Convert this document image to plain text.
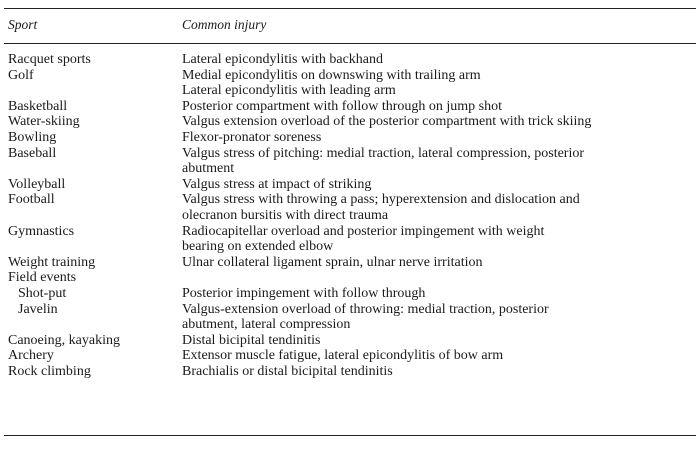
Sport	Common injury
Racquet sports	Lateral epicondylitis with backhand
Golf	Medial epicondylitis on downswing with trailing arm
Lateral epicondylitis with leading arm
Basketball	Posterior compartment with follow through on jump shot
Water-skiing	Valgus extension overload of the posterior compartment with trick skiing
Bowling	Flexor-pronator soreness
Baseball	Valgus stress of pitching: medial traction, lateral compression, posterior
abutment
Volleyball	Valgus stress at impact of striking
Football	Valgus stress with throwing a pass; hyperextension and dislocation and
olecranon bursitis with direct trauma
Gymnastics	Radiocapitellar overload and posterior impingement with weight
bearing on extended elbow
Weight training	Ulnar collateral ligament sprain, ulnar nerve irritation
Field events
Shot-put	Posterior impingement with follow through
Javelin	Valgus-extension overload of throwing: medial traction, posterior
abutment, lateral compression
Canoeing, kayaking	Distal bicipital tendinitis
Archery	Extensor muscle fatigue, lateral epicondylitis of bow arm
Rock climbing	Brachialis or distal bicipital tendinitis
